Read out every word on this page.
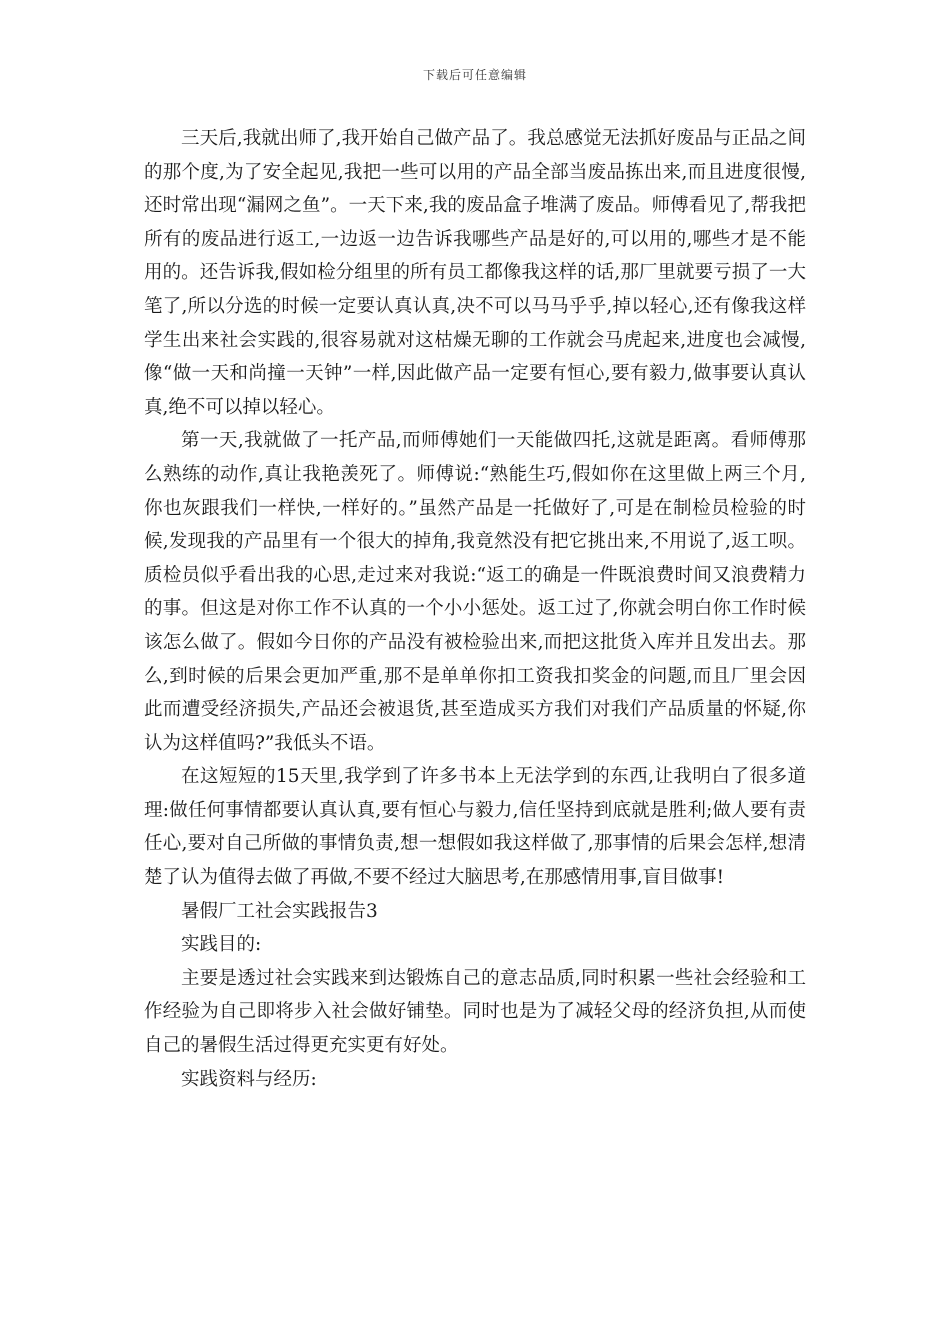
下载后可任意编辑

三天后,我就出师了,我开始自己做产品了。我总感觉无法抓好废品与正品之间的那个度,为了安全起见,我把一些可以用的产品全部当废品拣出来,而且进度很慢,还时常出现“漏网之鱼”。一天下来,我的废品盒子堆满了废品。师傅看见了,帮我把所有的废品进行返工,一边返一边告诉我哪些产品是好的,可以用的,哪些才是不能用的。还告诉我,假如检分组里的所有员工都像我这样的话,那厂里就要亏损了一大笔了,所以分选的时候一定要认真认真,决不可以马马乎乎,掉以轻心,还有像我这样学生出来社会实践的,很容易就对这枯燥无聊的工作就会马虎起来,进度也会减慢,像“做一天和尚撞一天钟”一样,因此做产品一定要有恒心,要有毅力,做事要认真认真,绝不可以掉以轻心。

第一天,我就做了一托产品,而师傅她们一天能做四托,这就是距离。看师傅那么熟练的动作,真让我艳羡死了。师傅说:“熟能生巧,假如你在这里做上两三个月,你也灰跟我们一样快,一样好的。”虽然产品是一托做好了,可是在制检员检验的时候,发现我的产品里有一个很大的掉角,我竟然没有把它挑出来,不用说了,返工呗。质检员似乎看出我的心思,走过来对我说:“返工的确是一件既浪费时间又浪费精力的事。但这是对你工作不认真的一个小小惩处。返工过了,你就会明白你工作时候该怎么做了。假如今日你的产品没有被检验出来,而把这批货入库并且发出去。那么,到时候的后果会更加严重,那不是单单你扣工资我扣奖金的问题,而且厂里会因此而遭受经济损失,产品还会被退货,甚至造成买方我们对我们产品质量的怀疑,你认为这样值吗?”我低头不语。

在这短短的15天里,我学到了许多书本上无法学到的东西,让我明白了很多道理:做任何事情都要认真认真,要有恒心与毅力,信任坚持到底就是胜利;做人要有责任心,要对自己所做的事情负责,想一想假如我这样做了,那事情的后果会怎样,想清楚了认为值得去做了再做,不要不经过大脑思考,在那感情用事,盲目做事!

暑假厂工社会实践报告3

实践目的:

主要是透过社会实践来到达锻炼自己的意志品质,同时积累一些社会经验和工作经验为自己即将步入社会做好铺垫。同时也是为了减轻父母的经济负担,从而使自己的暑假生活过得更充实更有好处。

实践资料与经历:
